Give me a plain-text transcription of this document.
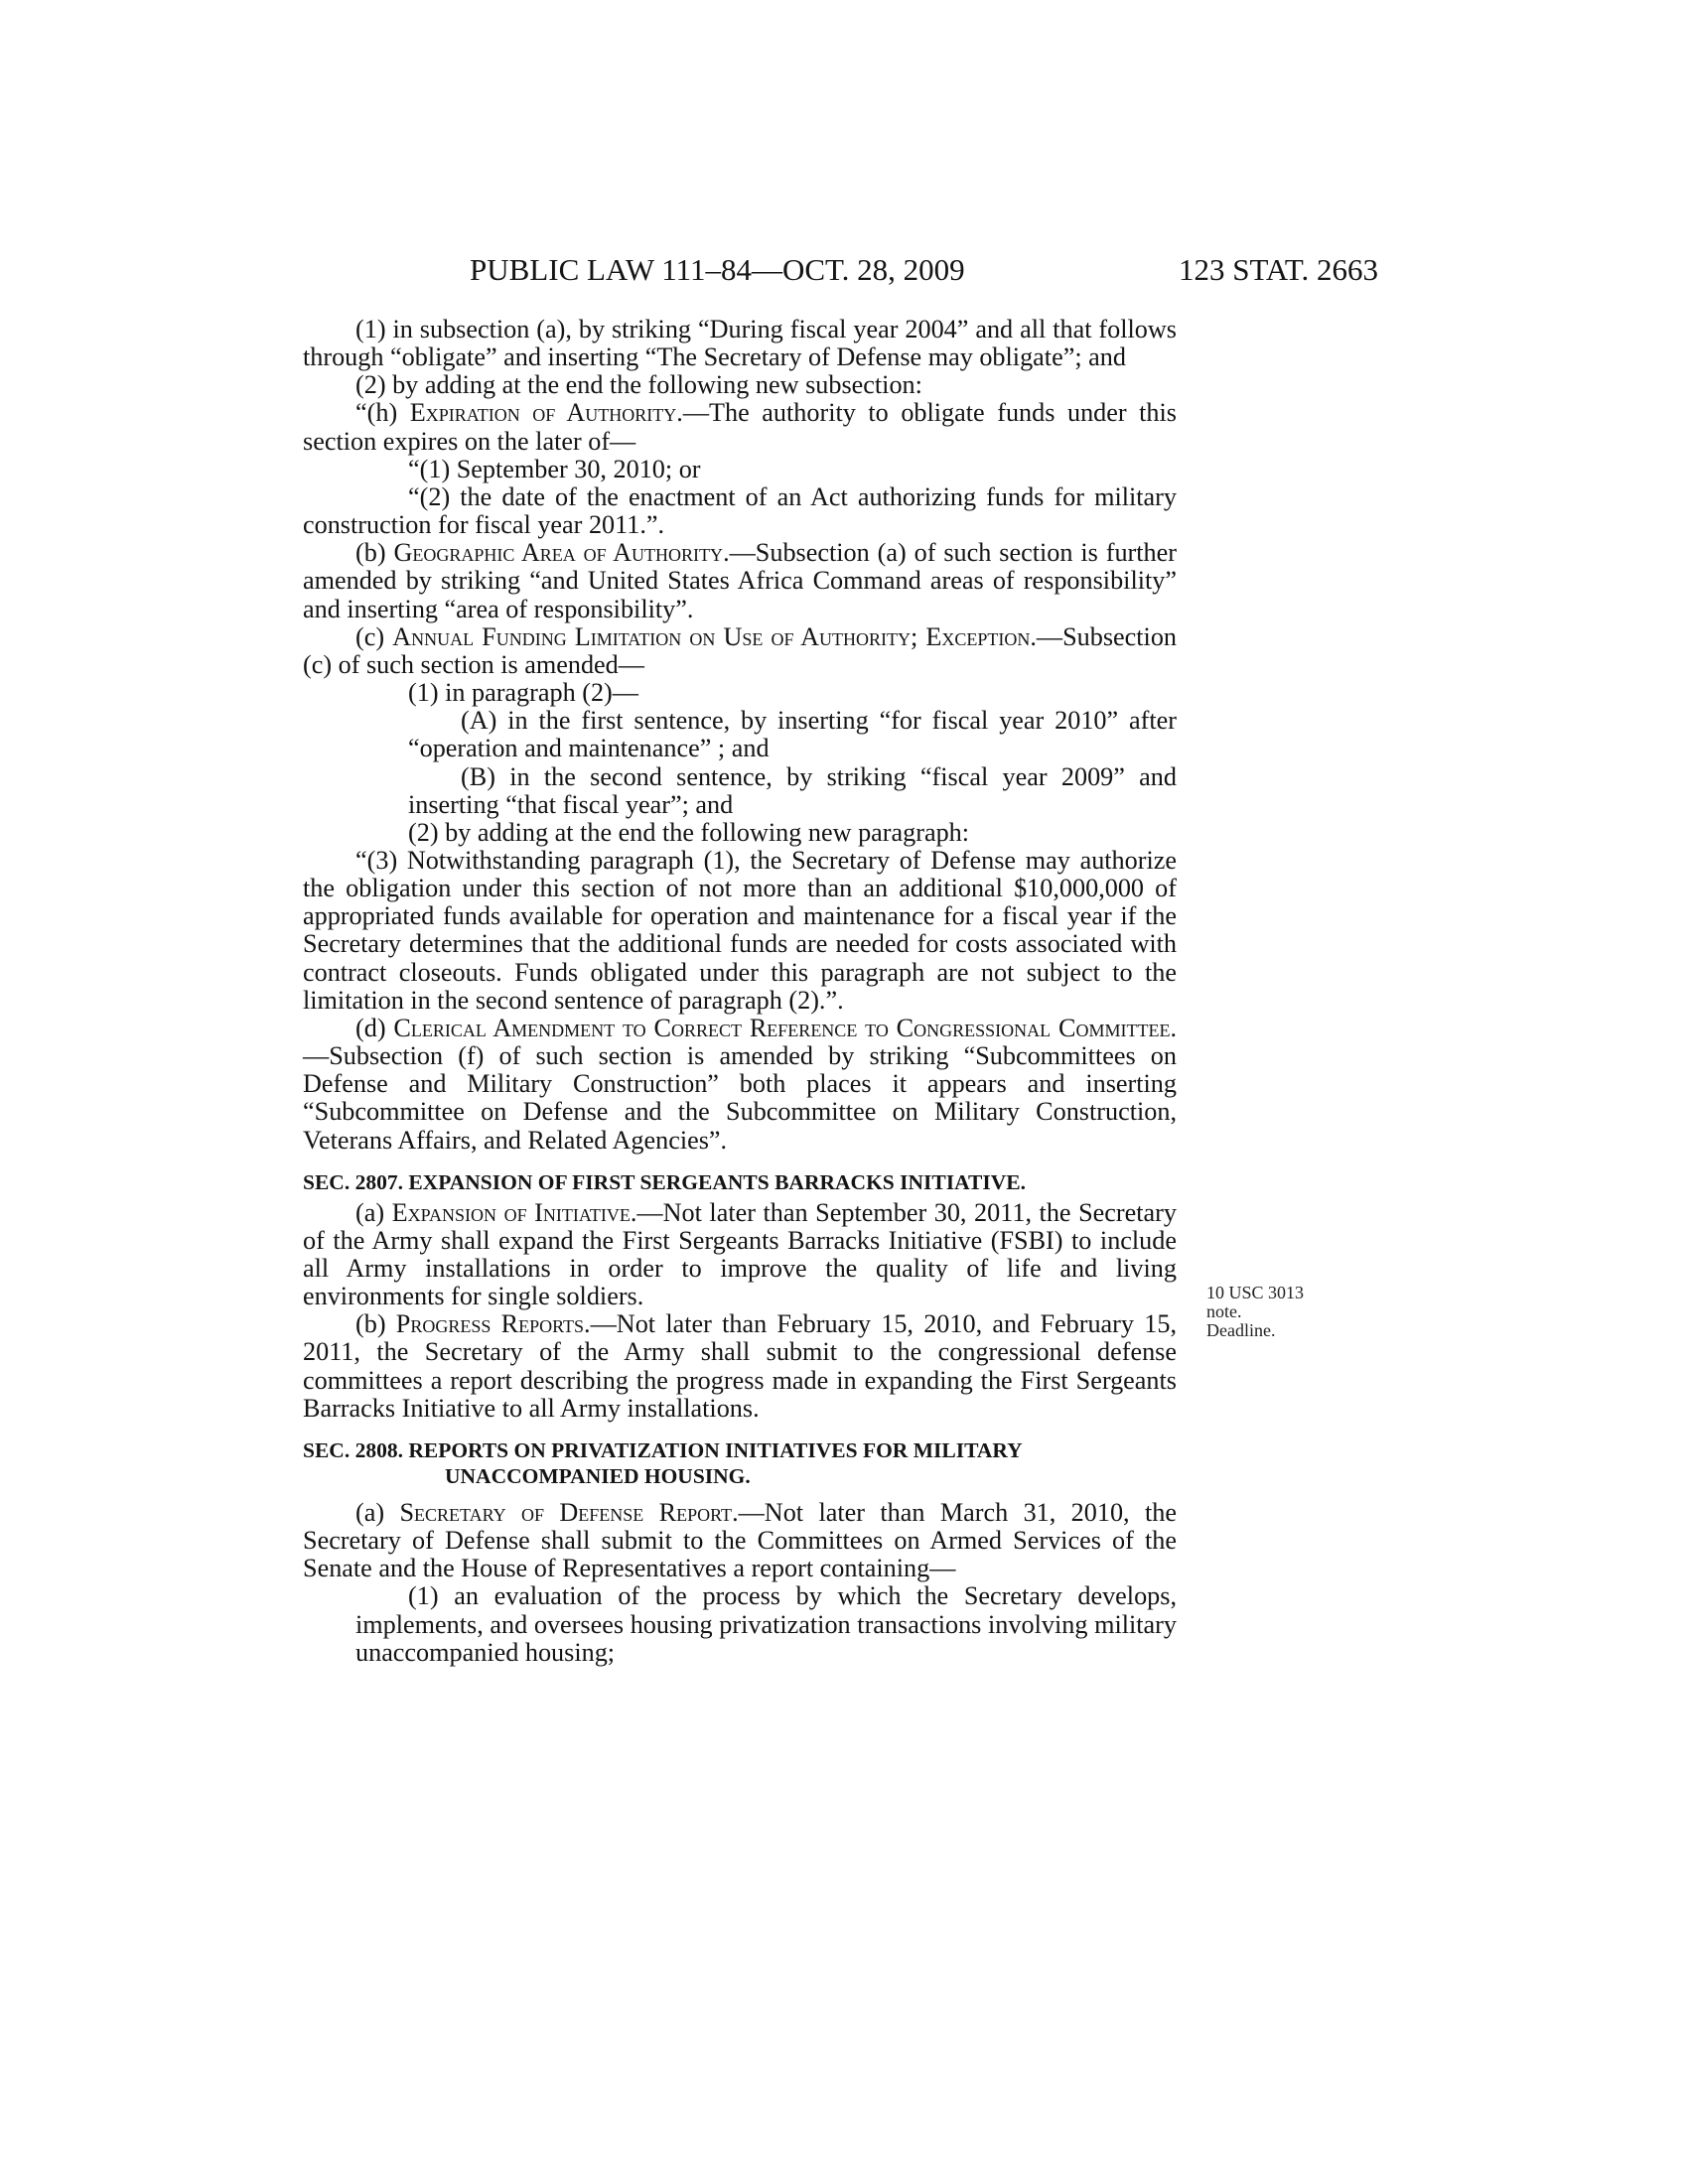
PUBLIC LAW 111–84—OCT. 28, 2009	123 STAT. 2663

(1) in subsection (a), by striking “During fiscal year 2004” and all that follows through “obligate” and inserting “The Secretary of Defense may obligate”; and

(2) by adding at the end the following new subsection:

“(h) Expiration of Authority.—The authority to obligate funds under this section expires on the later of—

“(1) September 30, 2010; or

“(2) the date of the enactment of an Act authorizing funds for military construction for fiscal year 2011.”.

(b) Geographic Area of Authority.—Subsection (a) of such section is further amended by striking “and United States Africa Command areas of responsibility” and inserting “area of responsibility”.

(c) Annual Funding Limitation on Use of Authority; Exception.—Subsection (c) of such section is amended—

(1) in paragraph (2)—

(A) in the first sentence, by inserting “for fiscal year 2010” after “operation and maintenance” ; and

(B) in the second sentence, by striking “fiscal year 2009” and inserting “that fiscal year”; and

(2) by adding at the end the following new paragraph:

“(3) Notwithstanding paragraph (1), the Secretary of Defense may authorize the obligation under this section of not more than an additional $10,000,000 of appropriated funds available for operation and maintenance for a fiscal year if the Secretary determines that the additional funds are needed for costs associated with contract closeouts. Funds obligated under this paragraph are not subject to the limitation in the second sentence of paragraph (2).”.

(d) Clerical Amendment to Correct Reference to Congressional Committee.—Subsection (f) of such section is amended by striking “Subcommittees on Defense and Military Construction” both places it appears and inserting “Subcommittee on Defense and the Subcommittee on Military Construction, Veterans Affairs, and Related Agencies”.

SEC. 2807. EXPANSION OF FIRST SERGEANTS BARRACKS INITIATIVE.

(a) Expansion of Initiative.—Not later than September 30, 2011, the Secretary of the Army shall expand the First Sergeants Barracks Initiative (FSBI) to include all Army installations in order to improve the quality of life and living environments for single soldiers.

(b) Progress Reports.—Not later than February 15, 2010, and February 15, 2011, the Secretary of the Army shall submit to the congressional defense committees a report describing the progress made in expanding the First Sergeants Barracks Initiative to all Army installations.

SEC. 2808. REPORTS ON PRIVATIZATION INITIATIVES FOR MILITARY UNACCOMPANIED HOUSING.

(a) Secretary of Defense Report.—Not later than March 31, 2010, the Secretary of Defense shall submit to the Committees on Armed Services of the Senate and the House of Representatives a report containing—

(1) an evaluation of the process by which the Secretary develops, implements, and oversees housing privatization transactions involving military unaccompanied housing;

10 USC 3013
note.
Deadline.
